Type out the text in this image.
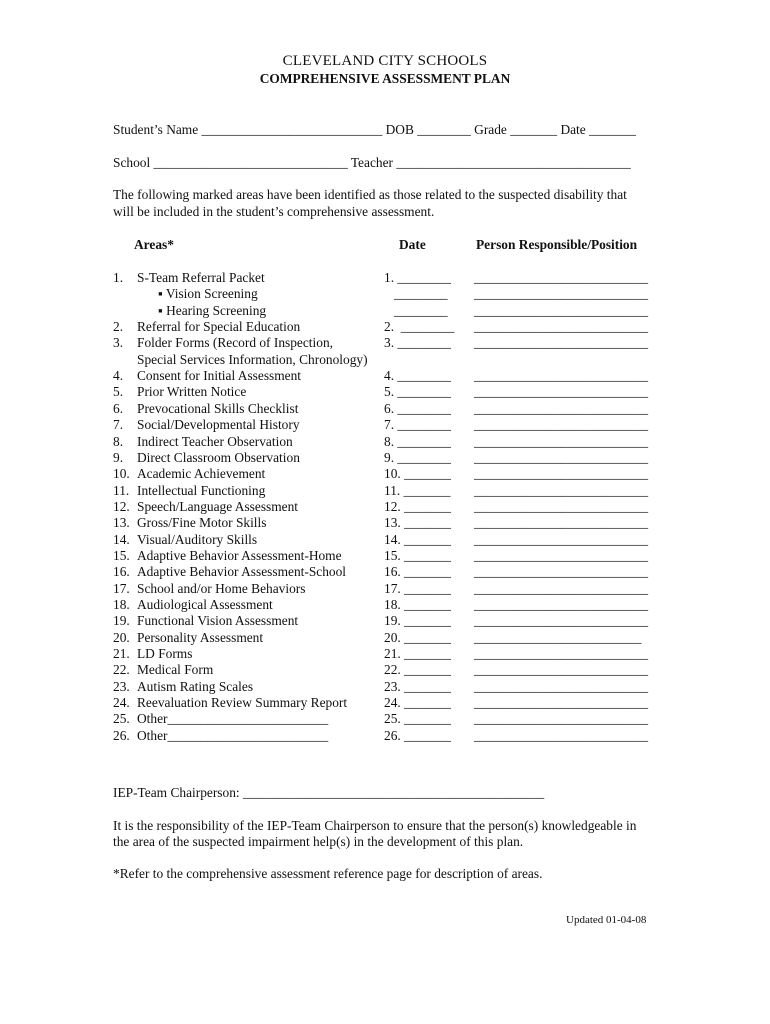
CLEVELAND CITY SCHOOLS
COMPREHENSIVE ASSESSMENT PLAN
Student’s Name ___________________________ DOB ________ Grade _______ Date _______
School _____________________________ Teacher ___________________________________
The following marked areas have been identified as those related to the suspected disability that
will be included in the student’s comprehensive assessment.
Areas*	Date	Person Responsible/Position
1. S-Team Referral Packet	1. ________ __________________________
▪ Vision Screening	________ __________________________
▪ Hearing Screening	________ __________________________
2. Referral for Special Education	2.  ________ __________________________
3. Folder Forms (Record of Inspection,	3. ________ __________________________
Special Services Information, Chronology)
4. Consent for Initial Assessment	4. ________ __________________________
5. Prior Written Notice	5. ________ __________________________
6. Prevocational Skills Checklist	6. ________ __________________________
7. Social/Developmental History	7. ________ __________________________
8. Indirect Teacher Observation	8. ________ __________________________
9. Direct Classroom Observation	9. ________ __________________________
10. Academic Achievement	10. _______ __________________________
11. Intellectual Functioning	11. _______ __________________________
12. Speech/Language Assessment	12. _______ __________________________
13. Gross/Fine Motor Skills	13. _______ __________________________
14. Visual/Auditory Skills	14. _______ __________________________
15. Adaptive Behavior Assessment-Home	15. _______ __________________________
16. Adaptive Behavior Assessment-School	16. _______ __________________________
17. School and/or Home Behaviors	17. _______ __________________________
18. Audiological Assessment	18. _______ __________________________
19. Functional Vision Assessment	19. _______ __________________________
20. Personality Assessment	20. _______ _________________________
21. LD Forms	21. _______ __________________________
22. Medical Form	22. _______ __________________________
23. Autism Rating Scales	23. _______ __________________________
24. Reevaluation Review Summary Report	24. _______ __________________________
25. Other________________________	25. _______ __________________________
26. Other________________________	26. _______ __________________________
IEP-Team Chairperson: _____________________________________________
It is the responsibility of the IEP-Team Chairperson to ensure that the person(s) knowledgeable in
the area of the suspected impairment help(s) in the development of this plan.
*Refer to the comprehensive assessment reference page for description of areas.
Updated 01-04-08
